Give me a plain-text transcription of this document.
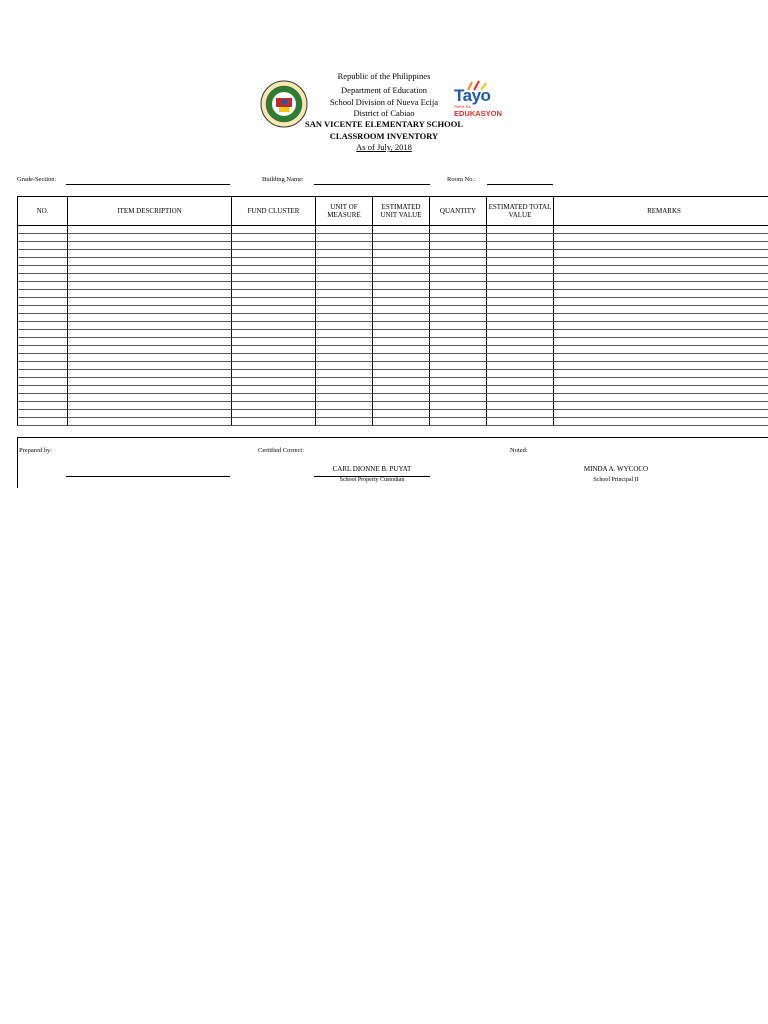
Republic of the Philippines
Department of Education
School Division of Nueva Ecija
District of Cabiao
SAN VICENTE ELEMENTARY SCHOOL
CLASSROOM INVENTORY
As of July, 2018
Tayo
PARA SA
EDUKASYON
Grade-Section:	Building Name:	Room No.:
NO.	ITEM DESCRIPTION	FUND CLUSTER	UNIT OF MEASURE	ESTIMATED UNIT VALUE	QUANTITY	ESTIMATED TOTAL VALUE	REMARKS

Prepared by:	Certified Correct:	Noted:
CARL DIONNE B. PUYAT
School Property Custodian
MINDA A. WYCOCO
School Principal II
